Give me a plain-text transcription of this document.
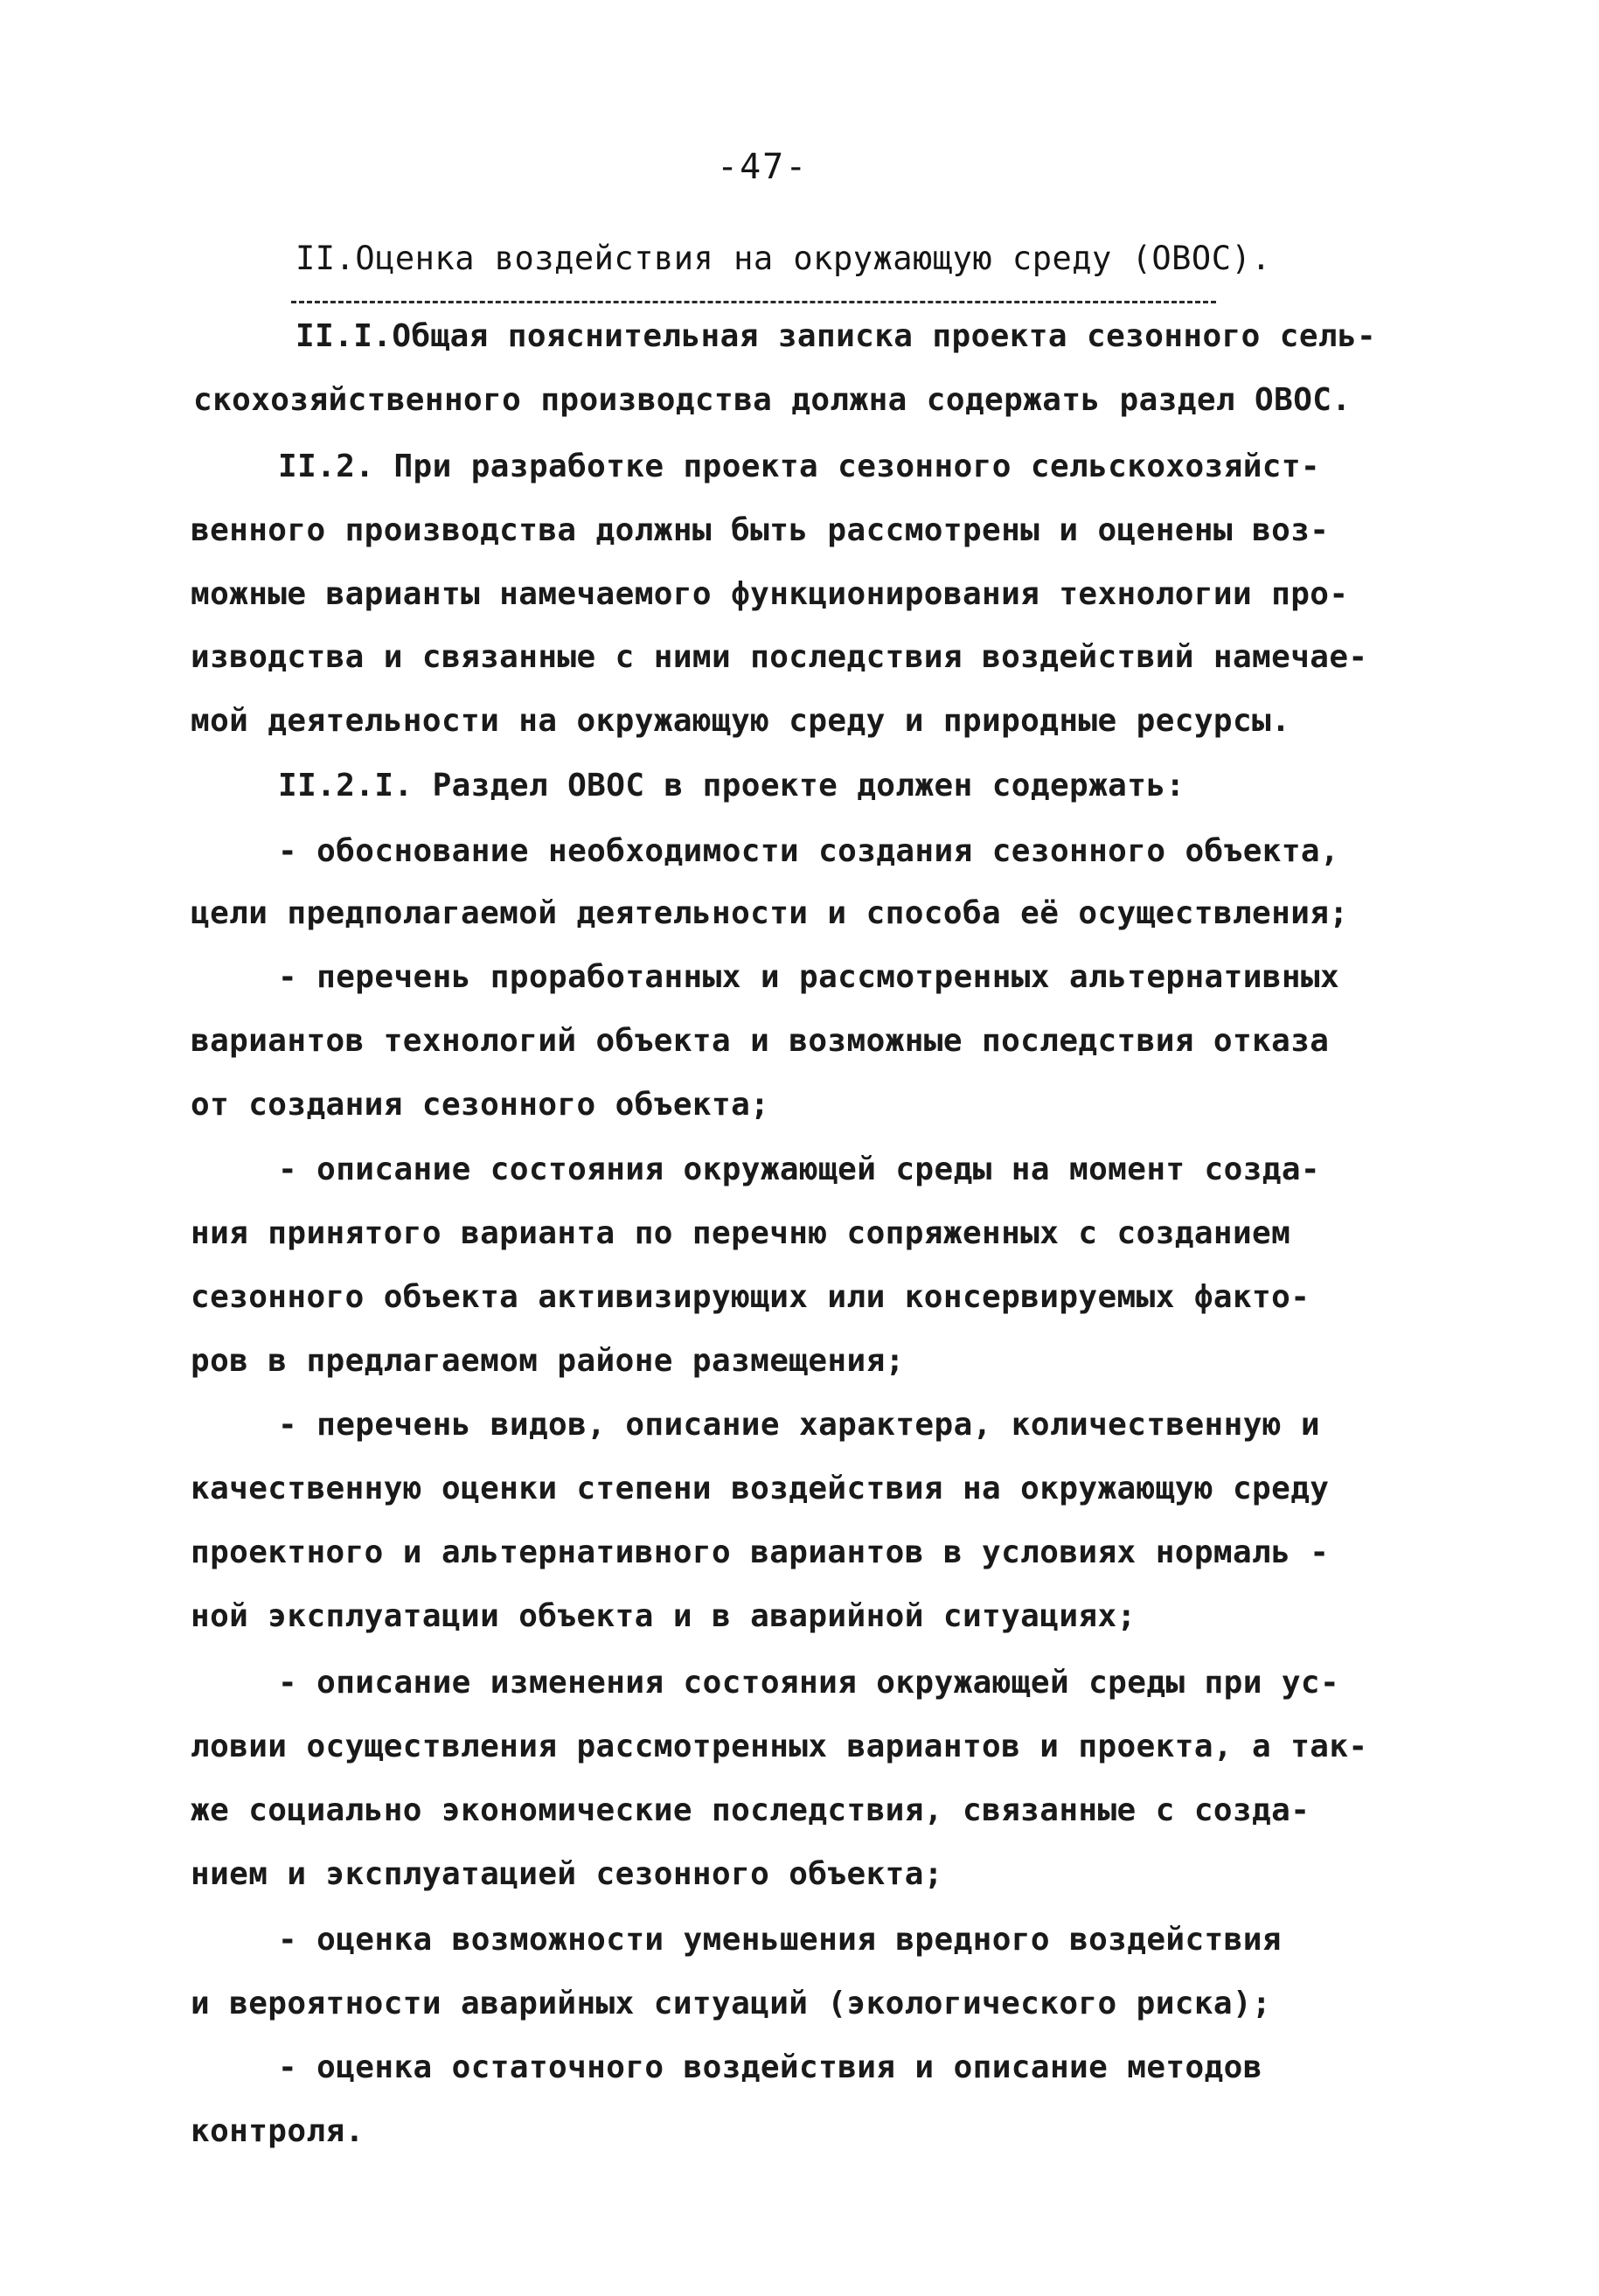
-47-
II.Оценка воздействия на окружающую среду (ОВОС).
II.I.Общая пояснительная записка проекта сезонного сель-
скохозяйственного производства должна содержать раздел ОВОС.
II.2. При разработке проекта сезонного сельскохозяйст-
венного производства должны быть рассмотрены и оценены воз-
можные варианты намечаемого функционирования технологии про-
изводства и связанные с ними последствия воздействий намечае-
мой деятельности на окружающую среду и природные ресурсы.
II.2.I. Раздел ОВОС в проекте должен содержать:
- обоснование необходимости создания сезонного объекта,
цели предполагаемой деятельности и способа её осуществления;
- перечень проработанных и рассмотренных альтернативных
вариантов технологий объекта и возможные последствия отказа
от создания сезонного объекта;
- описание состояния окружающей среды на момент созда-
ния принятого варианта по перечню сопряженных с созданием
сезонного объекта активизирующих или консервируемых факто-
ров в предлагаемом районе размещения;
- перечень видов, описание характера, количественную и
качественную оценки степени воздействия на окружающую среду
проектного и альтернативного вариантов в условиях нормаль -
ной эксплуатации объекта и в аварийной ситуациях;
- описание изменения состояния окружающей среды при ус-
ловии осуществления рассмотренных вариантов и проекта, а так-
же социально экономические последствия, связанные с созда-
нием и эксплуатацией сезонного объекта;
- оценка возможности уменьшения вредного воздействия
и вероятности аварийных ситуаций (экологического риска);
- оценка остаточного воздействия и описание методов
контроля.
